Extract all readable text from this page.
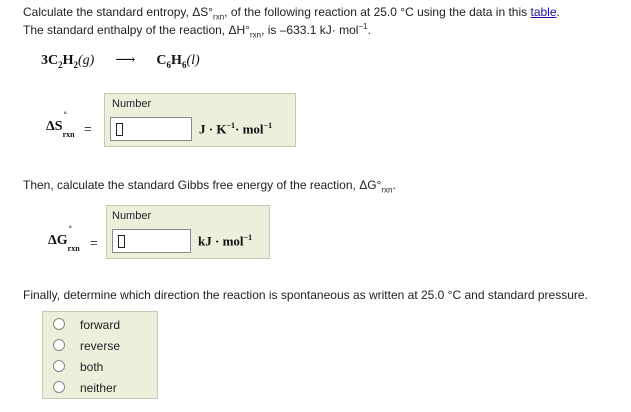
Calculate the standard entropy, $\Delta S^\circ_{rxn}$, of the following reaction at 25.0 °C using the data in this table.
The standard enthalpy of the reaction, $\Delta H^\circ_{rxn}$, is –633.1 kJ· mol$^{-1}$.
$3C_2H_2(g)$ ⟶ $C_6H_6(l)$
ΔS
°
$_{rxn}$ =
Number
$J \cdot K^{-1}\cdot mol^{-1}$
Then, calculate the standard Gibbs free energy of the reaction, $\Delta G^\circ_{rxn}$.
ΔG
°
$_{rxn}$ =
Number
kJ · mol$^{-1}$
Finally, determine which direction the reaction is spontaneous as written at 25.0 °C and standard pressure.
forward
reverse
both
neither
